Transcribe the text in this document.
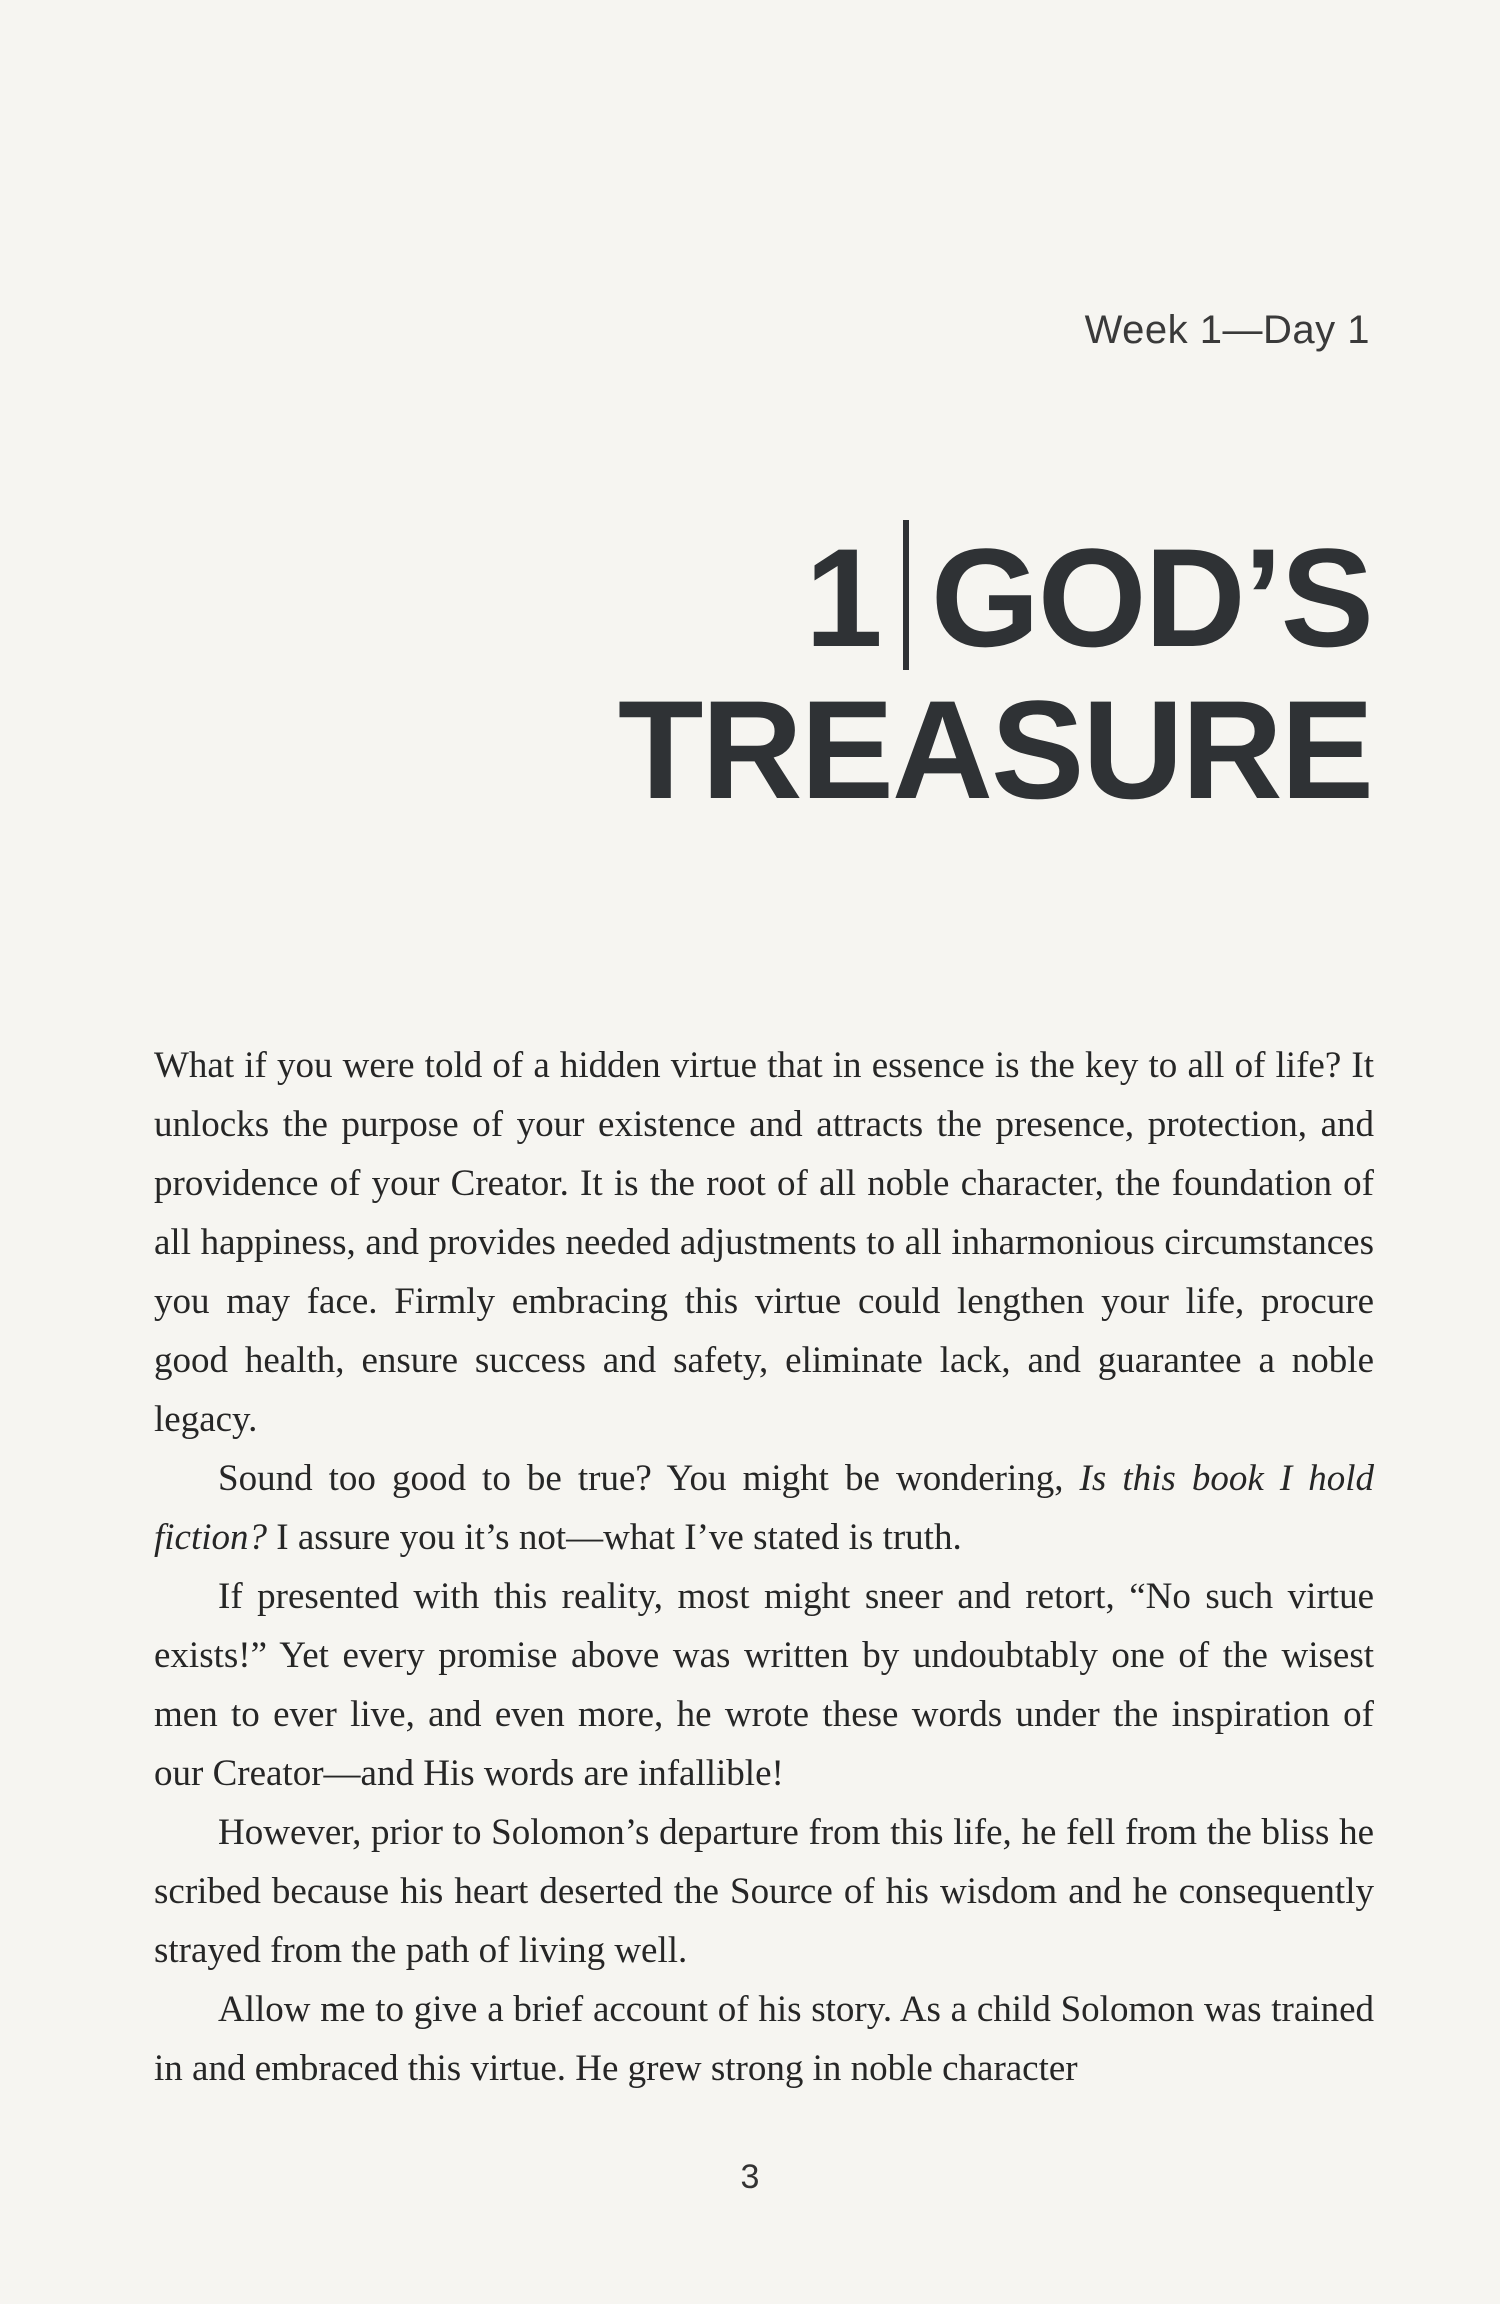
Week 1—Day 1

1 GOD’S
TREASURE

What if you were told of a hidden virtue that in essence is the key to all of life? It unlocks the purpose of your existence and attracts the presence, protection, and providence of your Creator. It is the root of all noble character, the foundation of all happiness, and provides needed adjustments to all inharmonious circumstances you may face. Firmly embracing this virtue could lengthen your life, procure good health, ensure success and safety, eliminate lack, and guarantee a noble legacy.

Sound too good to be true? You might be wondering, Is this book I hold fiction? I assure you it’s not—what I’ve stated is truth.

If presented with this reality, most might sneer and retort, “No such virtue exists!” Yet every promise above was written by undoubtably one of the wisest men to ever live, and even more, he wrote these words under the inspiration of our Creator—and His words are infallible!

However, prior to Solomon’s departure from this life, he fell from the bliss he scribed because his heart deserted the Source of his wisdom and he consequently strayed from the path of living well.

Allow me to give a brief account of his story. As a child Solomon was trained in and embraced this virtue. He grew strong in noble character

3
